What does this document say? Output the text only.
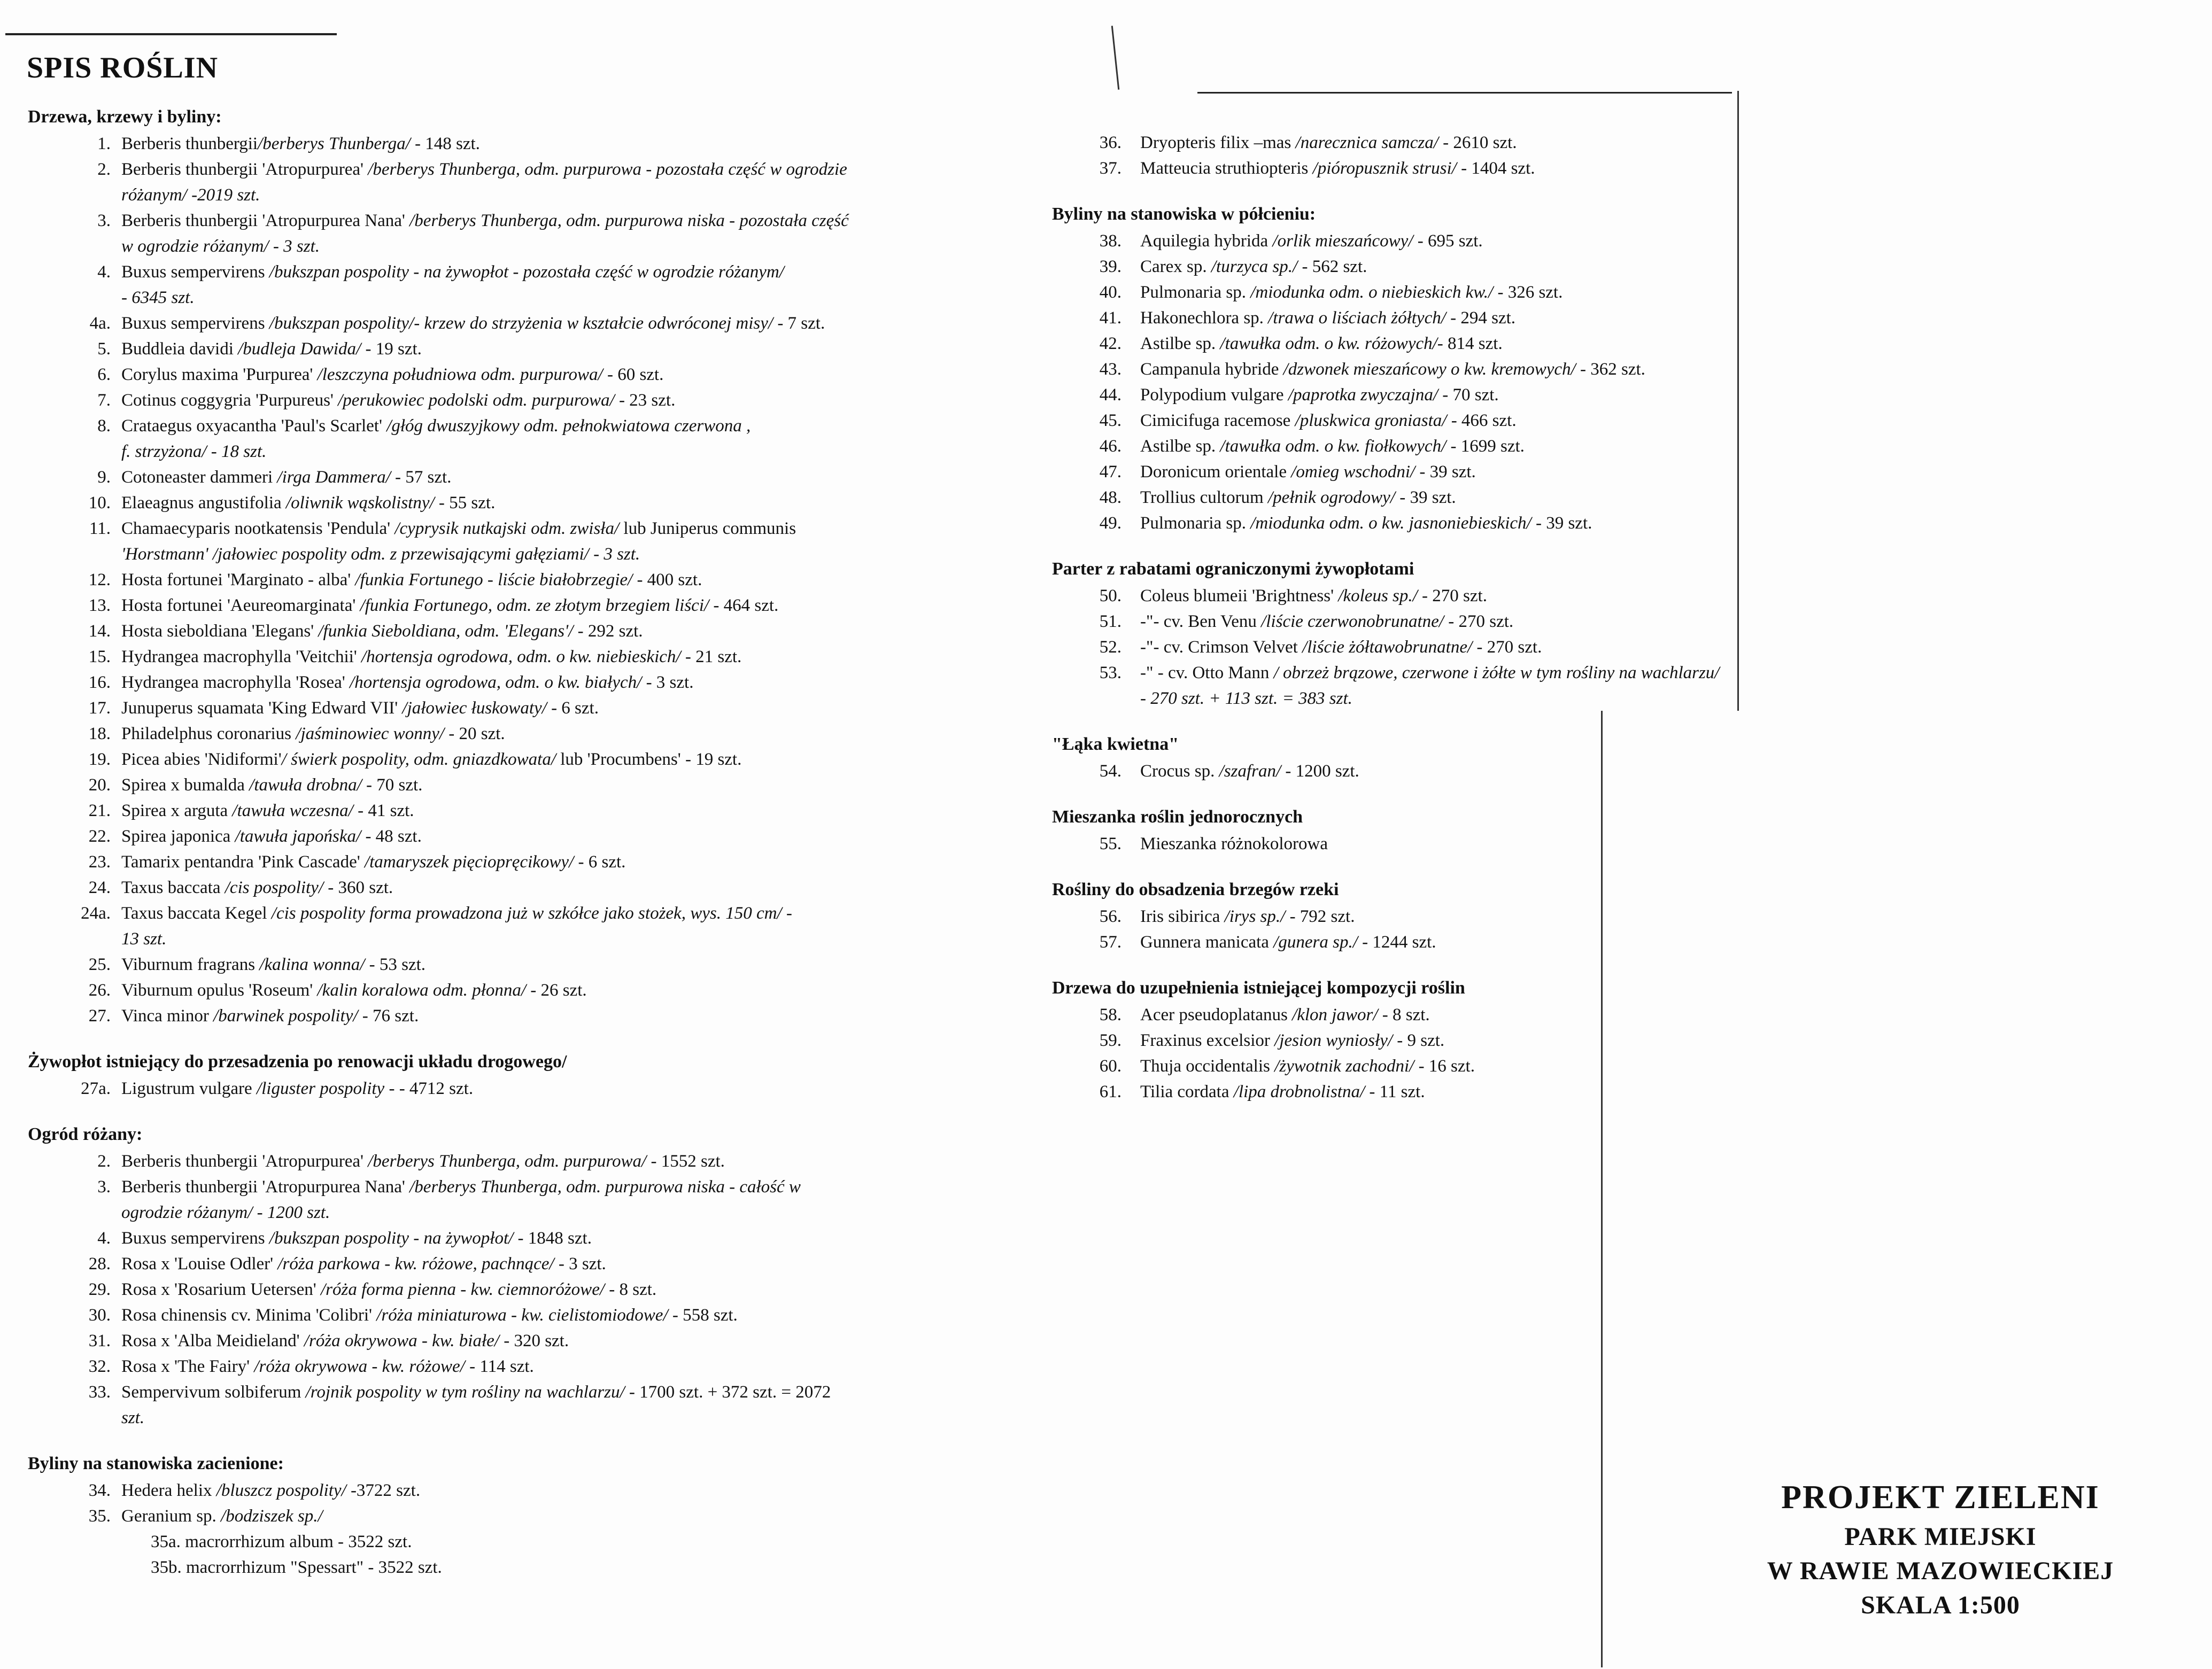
SPIS ROŚLIN
Drzewa, krzewy i byliny:
1. Berberis thunbergii/berberys Thunberga/ - 148 szt.
2. Berberis thunbergii 'Atropurpurea' /berberys Thunberga, odm. purpurowa - pozostała część w ogrodzie
różanym/ -2019 szt.
3. Berberis thunbergii 'Atropurpurea Nana' /berberys Thunberga, odm. purpurowa niska - pozostała część
w ogrodzie różanym/ - 3 szt.
4. Buxus sempervirens /bukszpan pospolity - na żywopłot - pozostała część w ogrodzie różanym/
- 6345 szt.
4a. Buxus sempervirens /bukszpan pospolity/- krzew do strzyżenia w kształcie odwróconej misy/ - 7 szt.
5. Buddleia davidi /budleja Dawida/ - 19 szt.
6. Corylus maxima 'Purpurea' /leszczyna południowa odm. purpurowa/ - 60 szt.
7. Cotinus coggygria 'Purpureus' /perukowiec podolski odm. purpurowa/ - 23 szt.
8. Crataegus oxyacantha 'Paul's Scarlet' /głóg dwuszyjkowy odm. pełnokwiatowa czerwona ,
f. strzyżona/ - 18 szt.
9. Cotoneaster dammeri /irga Dammera/ - 57 szt.
10. Elaeagnus angustifolia /oliwnik wąskolistny/ - 55 szt.
11. Chamaecyparis nootkatensis 'Pendula' /cyprysik nutkajski odm. zwisła/ lub Juniperus communis
'Horstmann' /jałowiec pospolity odm. z przewisającymi gałęziami/ - 3 szt.
12. Hosta fortunei 'Marginato - alba' /funkia Fortunego - liście białobrzegie/ - 400 szt.
13. Hosta fortunei 'Aeureomarginata' /funkia Fortunego, odm. ze złotym brzegiem liści/ - 464 szt.
14. Hosta sieboldiana 'Elegans' /funkia Sieboldiana, odm. 'Elegans'/ - 292 szt.
15. Hydrangea macrophylla 'Veitchii' /hortensja ogrodowa, odm. o kw. niebieskich/ - 21 szt.
16. Hydrangea macrophylla 'Rosea' /hortensja ogrodowa, odm. o kw. białych/ - 3 szt.
17. Junuperus squamata 'King Edward VII' /jałowiec łuskowaty/ - 6 szt.
18. Philadelphus coronarius /jaśminowiec wonny/ - 20 szt.
19. Picea abies 'Nidiformi'/ świerk pospolity, odm. gniazdkowata/ lub 'Procumbens' - 19 szt.
20. Spirea x bumalda /tawuła drobna/ - 70 szt.
21. Spirea x arguta /tawuła wczesna/ - 41 szt.
22. Spirea japonica /tawuła japońska/ - 48 szt.
23. Tamarix pentandra 'Pink Cascade' /tamaryszek pięciopręcikowy/ - 6 szt.
24. Taxus baccata /cis pospolity/ - 360 szt.
24a. Taxus baccata Kegel /cis pospolity forma prowadzona już w szkółce jako stożek, wys. 150 cm/ -
13 szt.
25. Viburnum fragrans /kalina wonna/ - 53 szt.
26. Viburnum opulus 'Roseum' /kalin koralowa odm. płonna/ - 26 szt.
27. Vinca minor /barwinek pospolity/ - 76 szt.
Żywopłot istniejący do przesadzenia po renowacji układu drogowego/
27a. Ligustrum vulgare /liguster pospolity - - 4712 szt.
Ogród różany:
2. Berberis thunbergii 'Atropurpurea' /berberys Thunberga, odm. purpurowa/ - 1552 szt.
3. Berberis thunbergii 'Atropurpurea Nana' /berberys Thunberga, odm. purpurowa niska - całość w
ogrodzie różanym/ - 1200 szt.
4. Buxus sempervirens /bukszpan pospolity - na żywopłot/ - 1848 szt.
28. Rosa x 'Louise Odler' /róża parkowa - kw. różowe, pachnące/ - 3 szt.
29. Rosa x 'Rosarium Uetersen' /róża forma pienna - kw. ciemnoróżowe/ - 8 szt.
30. Rosa chinensis cv. Minima 'Colibri' /róża miniaturowa - kw. cielistomiodowe/ - 558 szt.
31. Rosa x 'Alba Meidieland' /róża okrywowa - kw. białe/ - 320 szt.
32. Rosa x 'The Fairy' /róża okrywowa - kw. różowe/ - 114 szt.
33. Sempervivum solbiferum /rojnik pospolity w tym rośliny na wachlarzu/ - 1700 szt. + 372 szt. = 2072
szt.
Byliny na stanowiska zacienione:
34. Hedera helix /bluszcz pospolity/ -3722 szt.
35. Geranium sp. /bodziszek sp./
35a. macrorrhizum album - 3522 szt.
35b. macrorrhizum "Spessart" - 3522 szt.
36. Dryopteris filix –mas /narecznica samcza/ - 2610 szt.
37. Matteucia struthiopteris /pióropusznik strusi/ - 1404 szt.
Byliny na stanowiska w półcieniu:
38. Aquilegia hybrida /orlik mieszańcowy/ - 695 szt.
39. Carex sp. /turzyca sp./ - 562 szt.
40. Pulmonaria sp. /miodunka odm. o niebieskich kw./ - 326 szt.
41. Hakonechlora sp. /trawa o liściach żółtych/ - 294 szt.
42. Astilbe sp. /tawułka odm. o kw. różowych/- 814 szt.
43. Campanula hybride /dzwonek mieszańcowy o kw. kremowych/ - 362 szt.
44. Polypodium vulgare /paprotka zwyczajna/ - 70 szt.
45. Cimicifuga racemose /pluskwica groniasta/ - 466 szt.
46. Astilbe sp. /tawułka odm. o kw. fiołkowych/ - 1699 szt.
47. Doronicum orientale /omieg wschodni/ - 39 szt.
48. Trollius cultorum /pełnik ogrodowy/ - 39 szt.
49. Pulmonaria sp. /miodunka odm. o kw. jasnoniebieskich/ - 39 szt.
Parter z rabatami ograniczonymi żywopłotami
50. Coleus blumeii 'Brightness' /koleus sp./ - 270 szt.
51. -"- cv. Ben Venu /liście czerwonobrunatne/ - 270 szt.
52. -"- cv. Crimson Velvet /liście żółtawobrunatne/ - 270 szt.
53. -" - cv. Otto Mann / obrzeż brązowe, czerwone i żółte w tym rośliny na wachlarzu/
- 270 szt. + 113 szt. = 383 szt.
"Łąka kwietna"
54. Crocus sp. /szafran/ - 1200 szt.
Mieszanka roślin jednorocznych
55. Mieszanka różnokolorowa
Rośliny do obsadzenia brzegów rzeki
56. Iris sibirica /irys sp./ - 792 szt.
57. Gunnera manicata /gunera sp./ - 1244 szt.
Drzewa do uzupełnienia istniejącej kompozycji roślin
58. Acer pseudoplatanus /klon jawor/ - 8 szt.
59. Fraxinus excelsior /jesion wyniosły/ - 9 szt.
60. Thuja occidentalis /żywotnik zachodni/ - 16 szt.
61. Tilia cordata /lipa drobnolistna/ - 11 szt.
PROJEKT ZIELENI
PARK MIEJSKI
W RAWIE MAZOWIECKIEJ
SKALA 1:500
